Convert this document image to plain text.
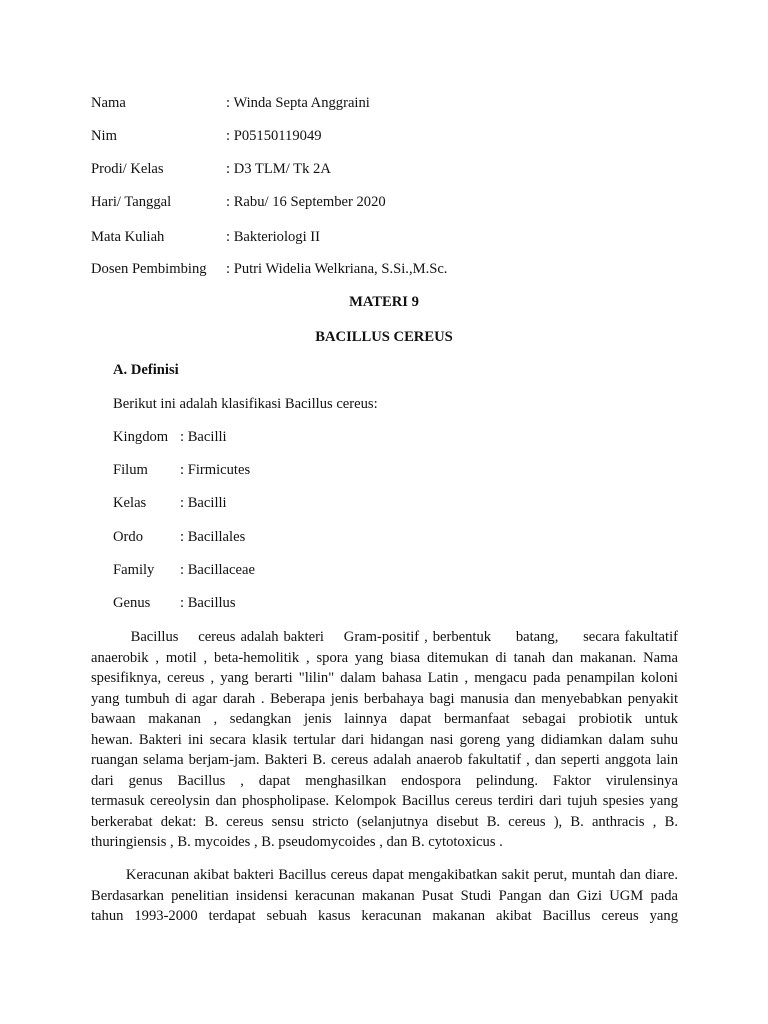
Nama	: Winda Septa Anggraini
Nim	: P05150119049
Prodi/ Kelas	: D3 TLM/ Tk 2A
Hari/ Tanggal	: Rabu/ 16 September 2020
Mata Kuliah	: Bakteriologi II
Dosen Pembimbing : Putri Widelia Welkriana, S.Si.,M.Sc.
MATERI 9
BACILLUS CEREUS
A. Definisi
Berikut ini adalah klasifikasi Bacillus cereus:
Kingdom : Bacilli
Filum : Firmicutes
Kelas : Bacilli
Ordo	: Bacillales
Family : Bacillaceae
Genus : Bacillus
Bacillus    cereus adalah bakteri    Gram-positif , berbentuk     batang,     secara fakultatif
anaerobik , motil , beta-hemolitik , spora yang biasa ditemukan di tanah dan makanan. Nama
spesifiknya, cereus , yang berarti "lilin" dalam bahasa Latin , mengacu pada penampilan koloni
yang tumbuh di agar darah . Beberapa jenis berbahaya bagi manusia dan menyebabkan penyakit
bawaan makanan , sedangkan jenis lainnya dapat bermanfaat sebagai probiotik untuk
hewan. Bakteri ini secara klasik tertular dari hidangan nasi goreng yang didiamkan dalam suhu
ruangan selama berjam-jam. Bakteri B. cereus adalah anaerob fakultatif , dan seperti anggota lain
dari genus Bacillus , dapat menghasilkan endospora pelindung. Faktor virulensinya
termasuk cereolysin dan phospholipase. Kelompok Bacillus cereus terdiri dari tujuh spesies yang
berkerabat dekat: B. cereus sensu stricto (selanjutnya disebut B. cereus ), B. anthracis , B.
thuringiensis , B. mycoides , B. pseudomycoides , dan B. cytotoxicus .
Keracunan akibat bakteri Bacillus cereus dapat mengakibatkan sakit perut, muntah dan diare.
Berdasarkan penelitian insidensi keracunan makanan Pusat Studi Pangan dan Gizi UGM pada
tahun 1993-2000 terdapat sebuah kasus keracunan makanan akibat Bacillus cereus yang
